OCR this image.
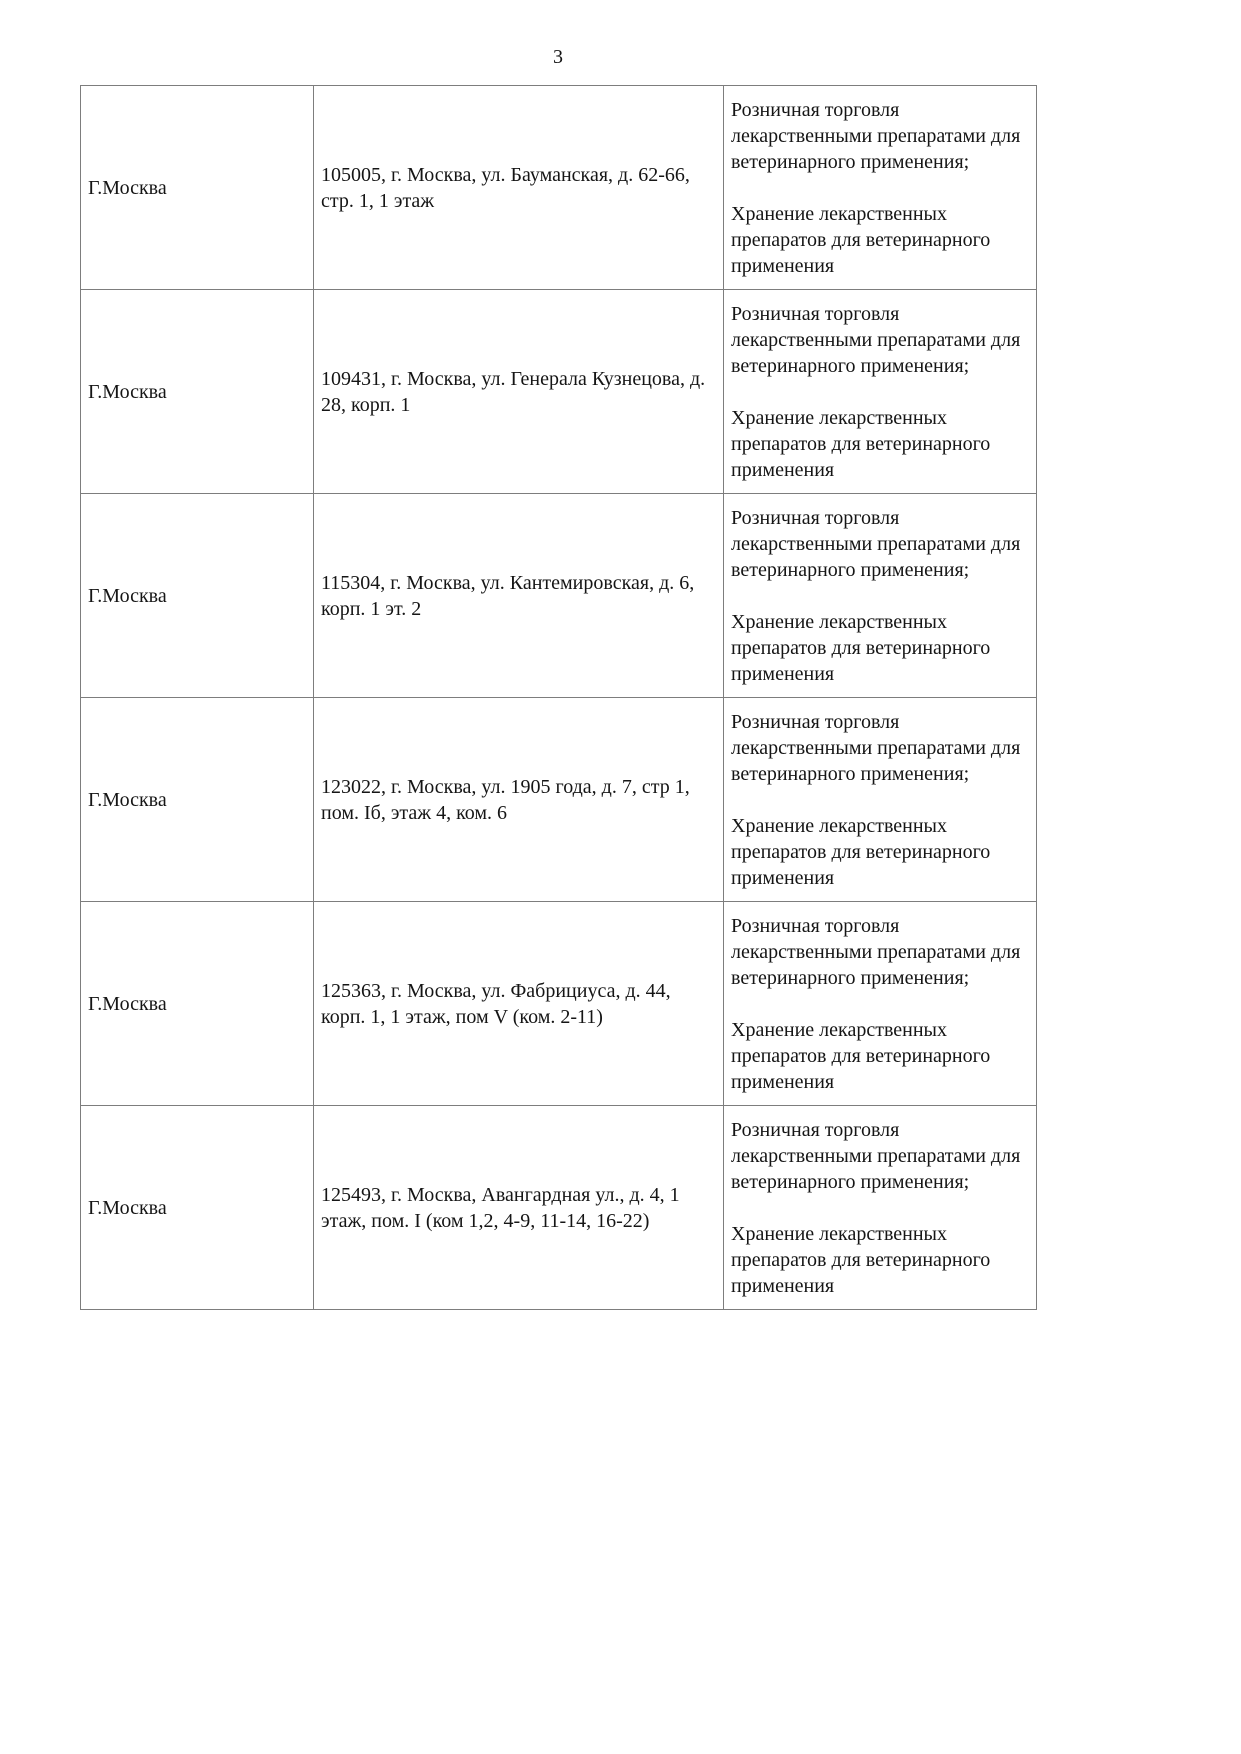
3
Г.Москва	105005, г. Москва, ул. Бауманская, д. 62-66, стр. 1, 1 этаж	Розничная торговля лекарственными препаратами для ветеринарного применения;
Хранение лекарственных препаратов для ветеринарного применения

Г.Москва	109431, г. Москва, ул. Генерала Кузнецова, д. 28, корп. 1	Розничная торговля лекарственными препаратами для ветеринарного применения;
Хранение лекарственных препаратов для ветеринарного применения

Г.Москва	115304, г. Москва, ул. Кантемировская, д. 6, корп. 1 эт. 2	Розничная торговля лекарственными препаратами для ветеринарного применения;
Хранение лекарственных препаратов для ветеринарного применения

Г.Москва	123022, г. Москва, ул. 1905 года, д. 7, стр 1, пом. Iб, этаж 4, ком. 6	Розничная торговля лекарственными препаратами для ветеринарного применения;
Хранение лекарственных препаратов для ветеринарного применения

Г.Москва	125363, г. Москва, ул. Фабрициуса, д. 44, корп. 1, 1 этаж, пом V (ком. 2-11)	Розничная торговля лекарственными препаратами для ветеринарного применения;
Хранение лекарственных препаратов для ветеринарного применения

Г.Москва	125493, г. Москва, Авангардная ул., д. 4, 1 этаж, пом. I (ком 1,2, 4-9, 11-14, 16-22)	Розничная торговля лекарственными препаратами для ветеринарного применения;
Хранение лекарственных препаратов для ветеринарного применения
